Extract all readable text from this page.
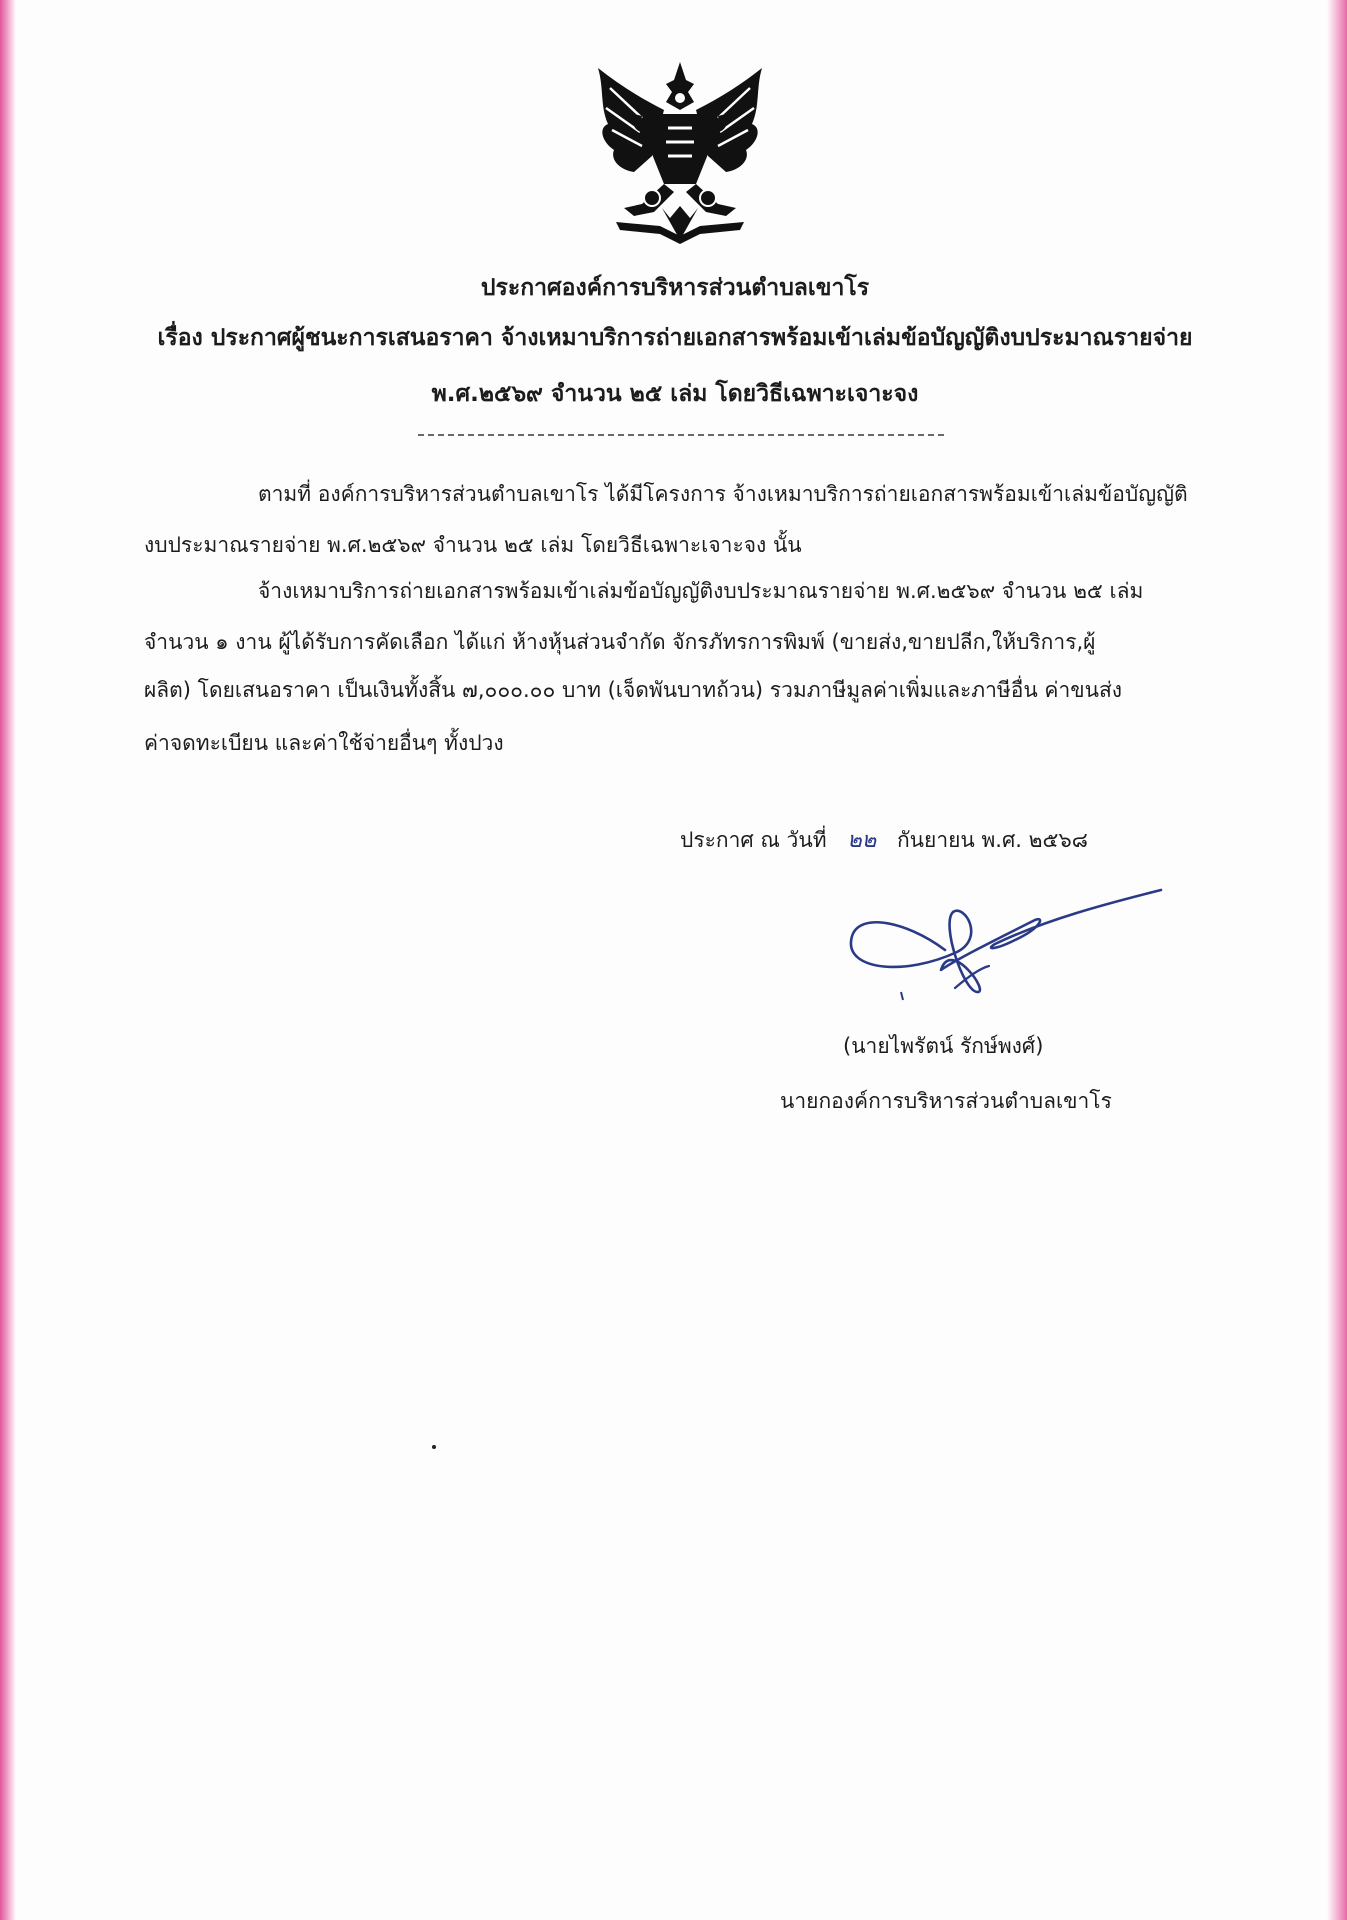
ประกาศองค์การบริหารส่วนตำบลเขาโร
เรื่อง ประกาศผู้ชนะการเสนอราคา จ้างเหมาบริการถ่ายเอกสารพร้อมเข้าเล่มข้อบัญญัติงบประมาณรายจ่าย
พ.ศ.๒๕๖๙ จำนวน ๒๕ เล่ม โดยวิธีเฉพาะเจาะจง
ตามที่ องค์การบริหารส่วนตำบลเขาโร ได้มีโครงการ จ้างเหมาบริการถ่ายเอกสารพร้อมเข้าเล่มข้อบัญญัติ
งบประมาณรายจ่าย พ.ศ.๒๕๖๙ จำนวน ๒๕ เล่ม โดยวิธีเฉพาะเจาะจง นั้น
จ้างเหมาบริการถ่ายเอกสารพร้อมเข้าเล่มข้อบัญญัติงบประมาณรายจ่าย พ.ศ.๒๕๖๙ จำนวน ๒๕ เล่ม
จำนวน ๑ งาน ผู้ได้รับการคัดเลือก ได้แก่ ห้างหุ้นส่วนจำกัด จักรภัทรการพิมพ์ (ขายส่ง,ขายปลีก,ให้บริการ,ผู้
ผลิต) โดยเสนอราคา เป็นเงินทั้งสิ้น ๗,๐๐๐.๐๐ บาท (เจ็ดพันบาทถ้วน) รวมภาษีมูลค่าเพิ่มและภาษีอื่น ค่าขนส่ง
ค่าจดทะเบียน และค่าใช้จ่ายอื่นๆ ทั้งปวง
ประกาศ ณ วันที่ ๒๒ กันยายน พ.ศ. ๒๕๖๘
(นายไพรัตน์ รักษ์พงศ์)
นายกองค์การบริหารส่วนตำบลเขาโร
